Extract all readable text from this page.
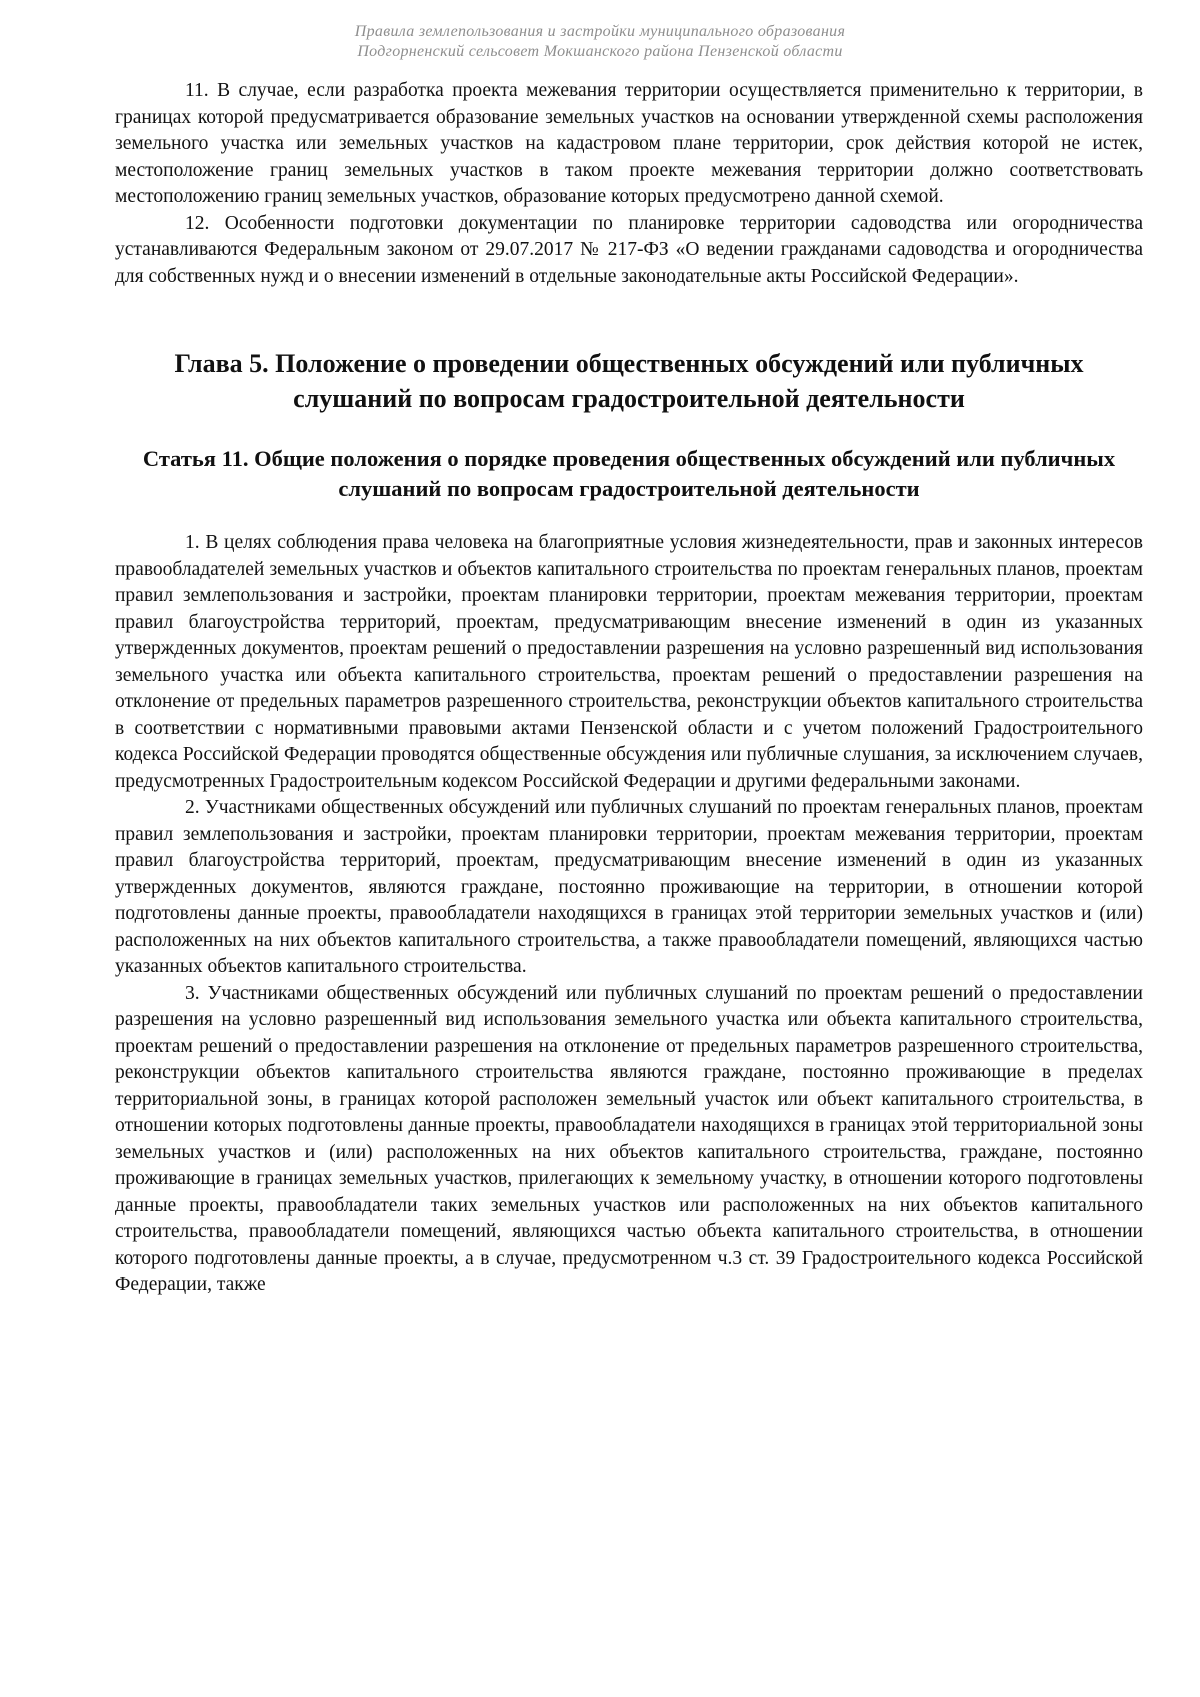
Правила землепользования и застройки муниципального образования
Подгорненский сельсовет Мокшанского района Пензенской области

11. В случае, если разработка проекта межевания территории осуществляется применительно к территории, в границах которой предусматривается образование земельных участков на основании утвержденной схемы расположения земельного участка или земельных участков на кадастровом плане территории, срок действия которой не истек, местоположение границ земельных участков в таком проекте межевания территории должно соответствовать местоположению границ земельных участков, образование которых предусмотрено данной схемой.

12. Особенности подготовки документации по планировке территории садоводства или огородничества устанавливаются Федеральным законом от 29.07.2017 № 217-ФЗ «О ведении гражданами садоводства и огородничества для собственных нужд и о внесении изменений в отдельные законодательные акты Российской Федерации».

Глава 5. Положение о проведении общественных обсуждений или публичных слушаний по вопросам градостроительной деятельности
Статья 11. Общие положения о порядке проведения общественных обсуждений или публичных слушаний по вопросам градостроительной деятельности

1. В целях соблюдения права человека на благоприятные условия жизнедеятельности, прав и законных интересов правообладателей земельных участков и объектов капитального строительства по проектам генеральных планов, проектам правил землепользования и застройки, проектам планировки территории, проектам межевания территории, проектам правил благоустройства территорий, проектам, предусматривающим внесение изменений в один из указанных утвержденных документов, проектам решений о предоставлении разрешения на условно разрешенный вид использования земельного участка или объекта капитального строительства, проектам решений о предоставлении разрешения на отклонение от предельных параметров разрешенного строительства, реконструкции объектов капитального строительства в соответствии с нормативными правовыми актами Пензенской области и с учетом положений Градостроительного кодекса Российской Федерации проводятся общественные обсуждения или публичные слушания, за исключением случаев, предусмотренных Градостроительным кодексом Российской Федерации и другими федеральными законами.

2. Участниками общественных обсуждений или публичных слушаний по проектам генеральных планов, проектам правил землепользования и застройки, проектам планировки территории, проектам межевания территории, проектам правил благоустройства территорий, проектам, предусматривающим внесение изменений в один из указанных утвержденных документов, являются граждане, постоянно проживающие на территории, в отношении которой подготовлены данные проекты, правообладатели находящихся в границах этой территории земельных участков и (или) расположенных на них объектов капитального строительства, а также правообладатели помещений, являющихся частью указанных объектов капитального строительства.

3. Участниками общественных обсуждений или публичных слушаний по проектам решений о предоставлении разрешения на условно разрешенный вид использования земельного участка или объекта капитального строительства, проектам решений о предоставлении разрешения на отклонение от предельных параметров разрешенного строительства, реконструкции объектов капитального строительства являются граждане, постоянно проживающие в пределах территориальной зоны, в границах которой расположен земельный участок или объект капитального строительства, в отношении которых подготовлены данные проекты, правообладатели находящихся в границах этой территориальной зоны земельных участков и (или) расположенных на них объектов капитального строительства, граждане, постоянно проживающие в границах земельных участков, прилегающих к земельному участку, в отношении которого подготовлены данные проекты, правообладатели таких земельных участков или расположенных на них объектов капитального строительства, правообладатели помещений, являющихся частью объекта капитального строительства, в отношении которого подготовлены данные проекты, а в случае, предусмотренном ч.3 ст. 39 Градостроительного кодекса Российской Федерации, также
